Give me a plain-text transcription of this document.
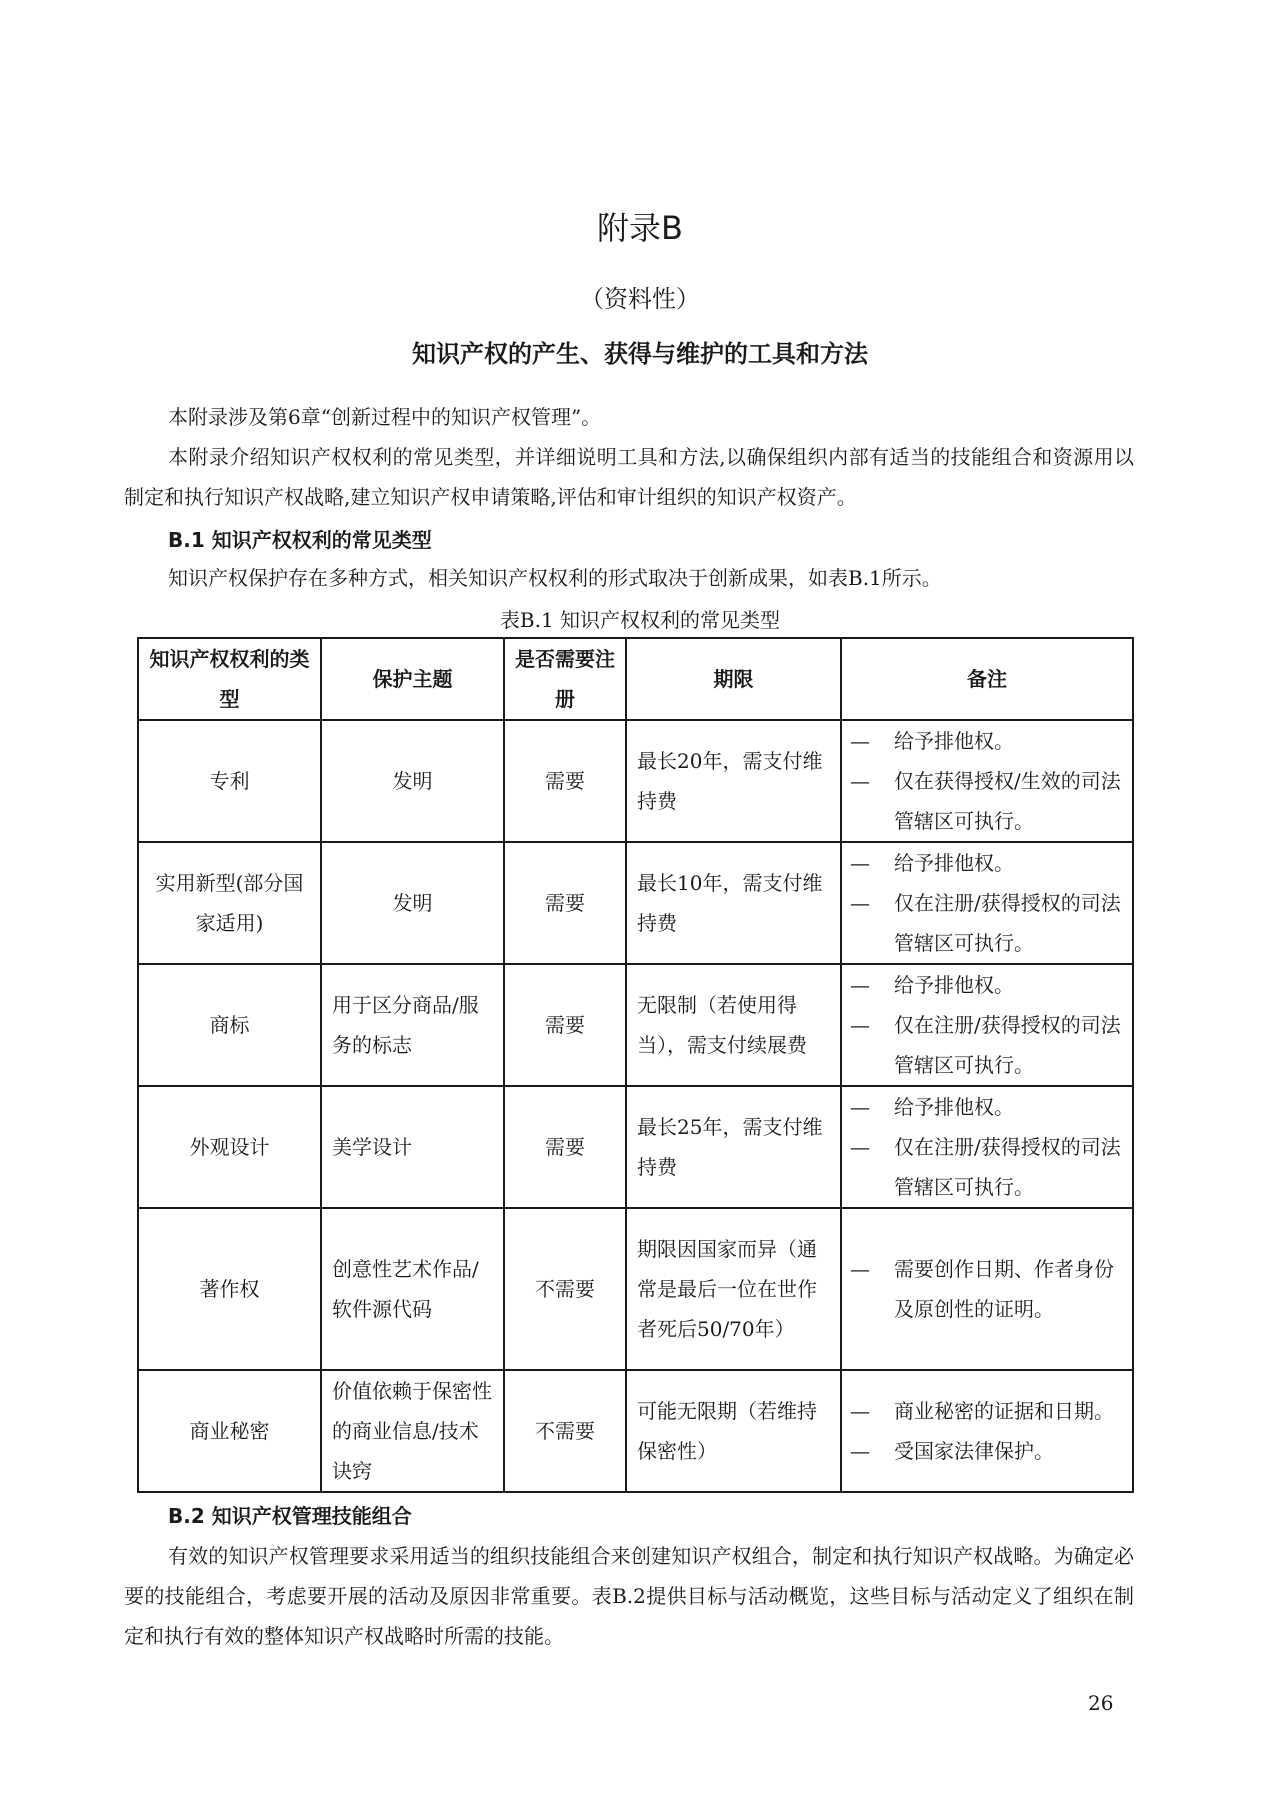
附录B
（资料性）
知识产权的产生、获得与维护的工具和方法
本附录涉及第6章“创新过程中的知识产权管理”。
本附录介绍知识产权权利的常见类型，并详细说明工具和方法,以确保组织内部有适当的技能组合和资源用以制定和执行知识产权战略,建立知识产权申请策略,评估和审计组织的知识产权资产。
B.1 知识产权权利的常见类型
知识产权保护存在多种方式，相关知识产权权利的形式取决于创新成果，如表B.1所示。
表B.1 知识产权权利的常见类型
知识产权权利的类型	保护主题	是否需要注册	期限	备注
专利	发明	需要	最长20年，需支付维持费	— 给予排他权。
— 仅在获得授权/生效的司法管辖区可执行。

实用新型(部分国家适用)	发明	需要	最长10年，需支付维持费	— 给予排他权。
— 仅在注册/获得授权的司法管辖区可执行。

商标	用于区分商品/服务的标志	需要	无限制（若使用得当），需支付续展费	— 给予排他权。
— 仅在注册/获得授权的司法管辖区可执行。

外观设计	美学设计	需要	最长25年，需支付维持费	— 给予排他权。
— 仅在注册/获得授权的司法管辖区可执行。

著作权	创意性艺术作品/ 软件源代码	不需要	期限因国家而异（通常是最后一位在世作者死后50/70年）	— 需要创作日期、作者身份及原创性的证明。

商业秘密	价值依赖于保密性的商业信息/技术诀窍	不需要	可能无限期（若维持保密性）	— 商业秘密的证据和日期。
— 受国家法律保护。
B.2 知识产权管理技能组合
有效的知识产权管理要求采用适当的组织技能组合来创建知识产权组合，制定和执行知识产权战略。为确定必要的技能组合，考虑要开展的活动及原因非常重要。表B.2提供目标与活动概览，这些目标与活动定义了组织在制定和执行有效的整体知识产权战略时所需的技能。
26
